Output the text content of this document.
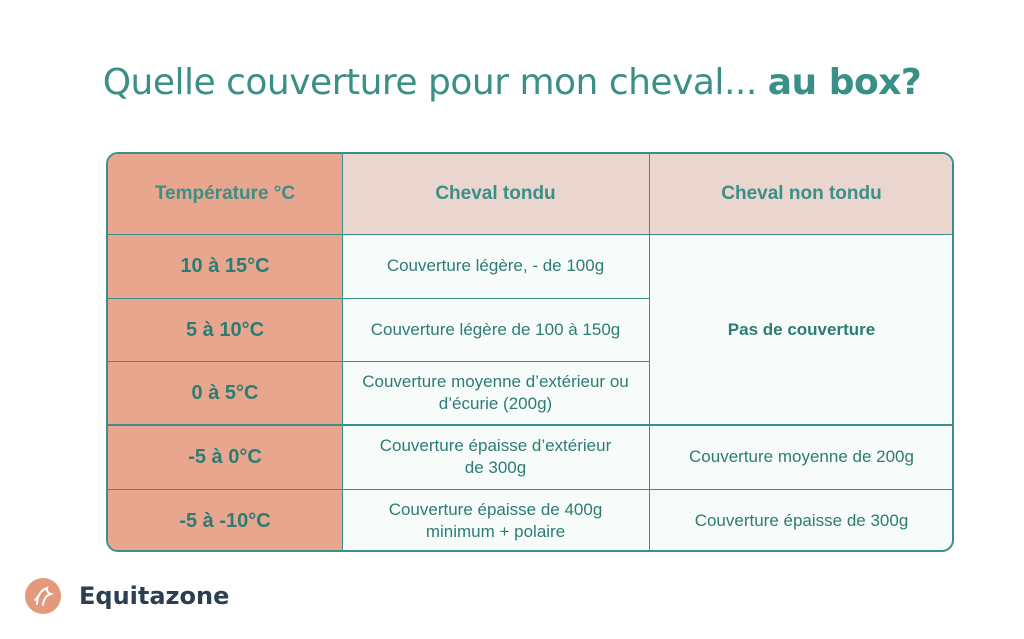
Quelle couverture pour mon cheval... au box?
Température °C	Cheval tondu	Cheval non tondu
10 à 15°C
5 à 10°C
0 à 5°C
-5 à 0°C
-5 à -10°C
Couverture légère, - de 100g
Couverture légère de 100 à 150g
Couverture moyenne d’extérieur ou d’écurie (200g)
Couverture épaisse d’extérieur de 300g
Couverture épaisse de 400g minimum + polaire
Pas de couverture
Couverture moyenne de 200g
Couverture épaisse de 300g
Equitazone
